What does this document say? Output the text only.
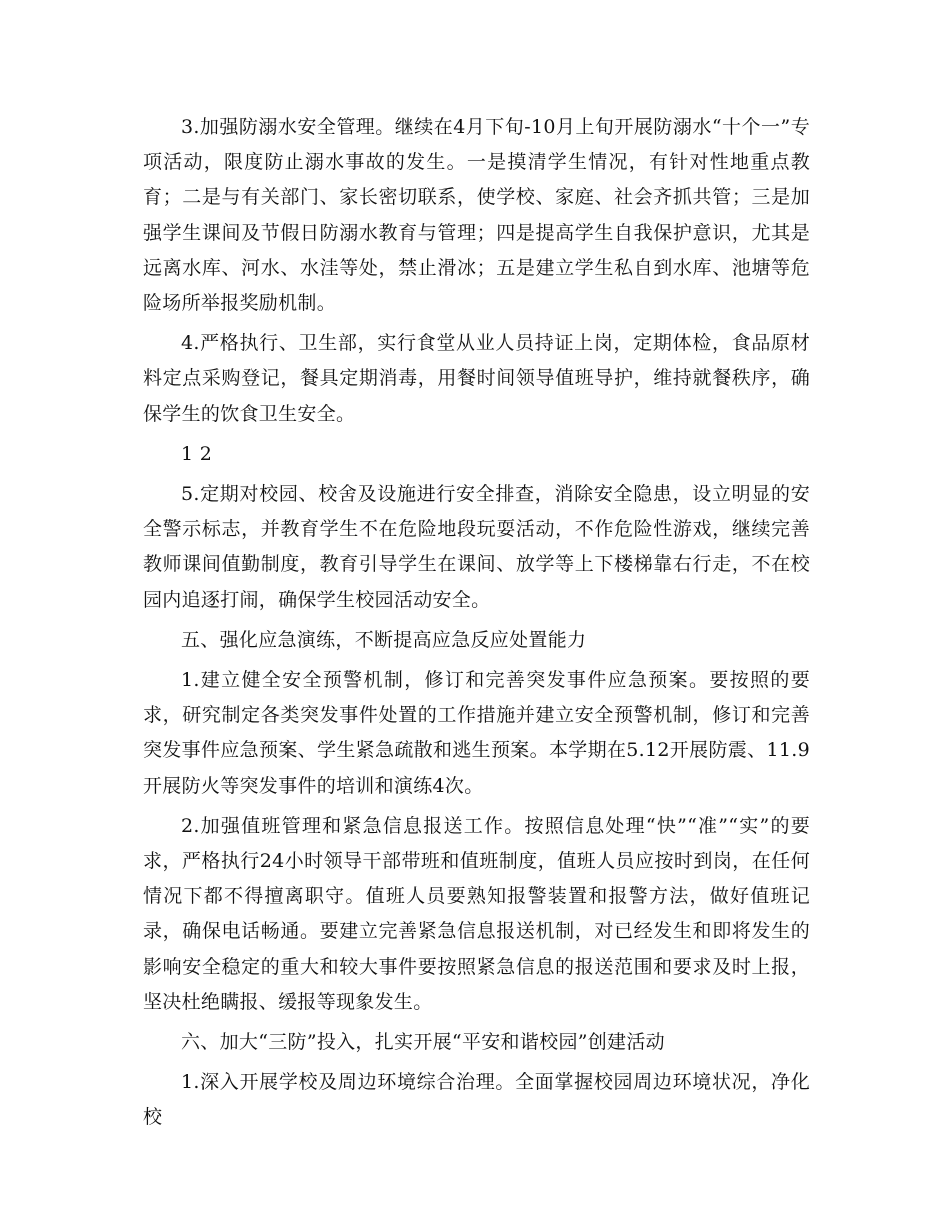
3.加强防溺水安全管理。继续在4月下旬-10月上旬开展防溺水“十个一”专项活动，限度防止溺水事故的发生。一是摸清学生情况，有针对性地重点教育；二是与有关部门、家长密切联系，使学校、家庭、社会齐抓共管；三是加强学生课间及节假日防溺水教育与管理；四是提高学生自我保护意识，尤其是远离水库、河水、水洼等处，禁止滑冰；五是建立学生私自到水库、池塘等危险场所举报奖励机制。

4.严格执行、卫生部，实行食堂从业人员持证上岗，定期体检，食品原材料定点采购登记，餐具定期消毒，用餐时间领导值班导护，维持就餐秩序，确保学生的饮食卫生安全。

1 2

5.定期对校园、校舍及设施进行安全排查，消除安全隐患，设立明显的安全警示标志，并教育学生不在危险地段玩耍活动，不作危险性游戏，继续完善教师课间值勤制度，教育引导学生在课间、放学等上下楼梯靠右行走，不在校园内追逐打闹，确保学生校园活动安全。

五、强化应急演练，不断提高应急反应处置能力

1.建立健全安全预警机制，修订和完善突发事件应急预案。要按照的要求，研究制定各类突发事件处置的工作措施并建立安全预警机制，修订和完善突发事件应急预案、学生紧急疏散和逃生预案。本学期在5.12开展防震、11.9开展防火等突发事件的培训和演练4次。

2.加强值班管理和紧急信息报送工作。按照信息处理“快”“准”“实”的要求，严格执行24小时领导干部带班和值班制度，值班人员应按时到岗，在任何情况下都不得擅离职守。值班人员要熟知报警装置和报警方法，做好值班记录，确保电话畅通。要建立完善紧急信息报送机制，对已经发生和即将发生的影响安全稳定的重大和较大事件要按照紧急信息的报送范围和要求及时上报，坚决杜绝瞒报、缓报等现象发生。

六、加大“三防”投入，扎实开展“平安和谐校园”创建活动

1.深入开展学校及周边环境综合治理。全面掌握校园周边环境状况，净化校
